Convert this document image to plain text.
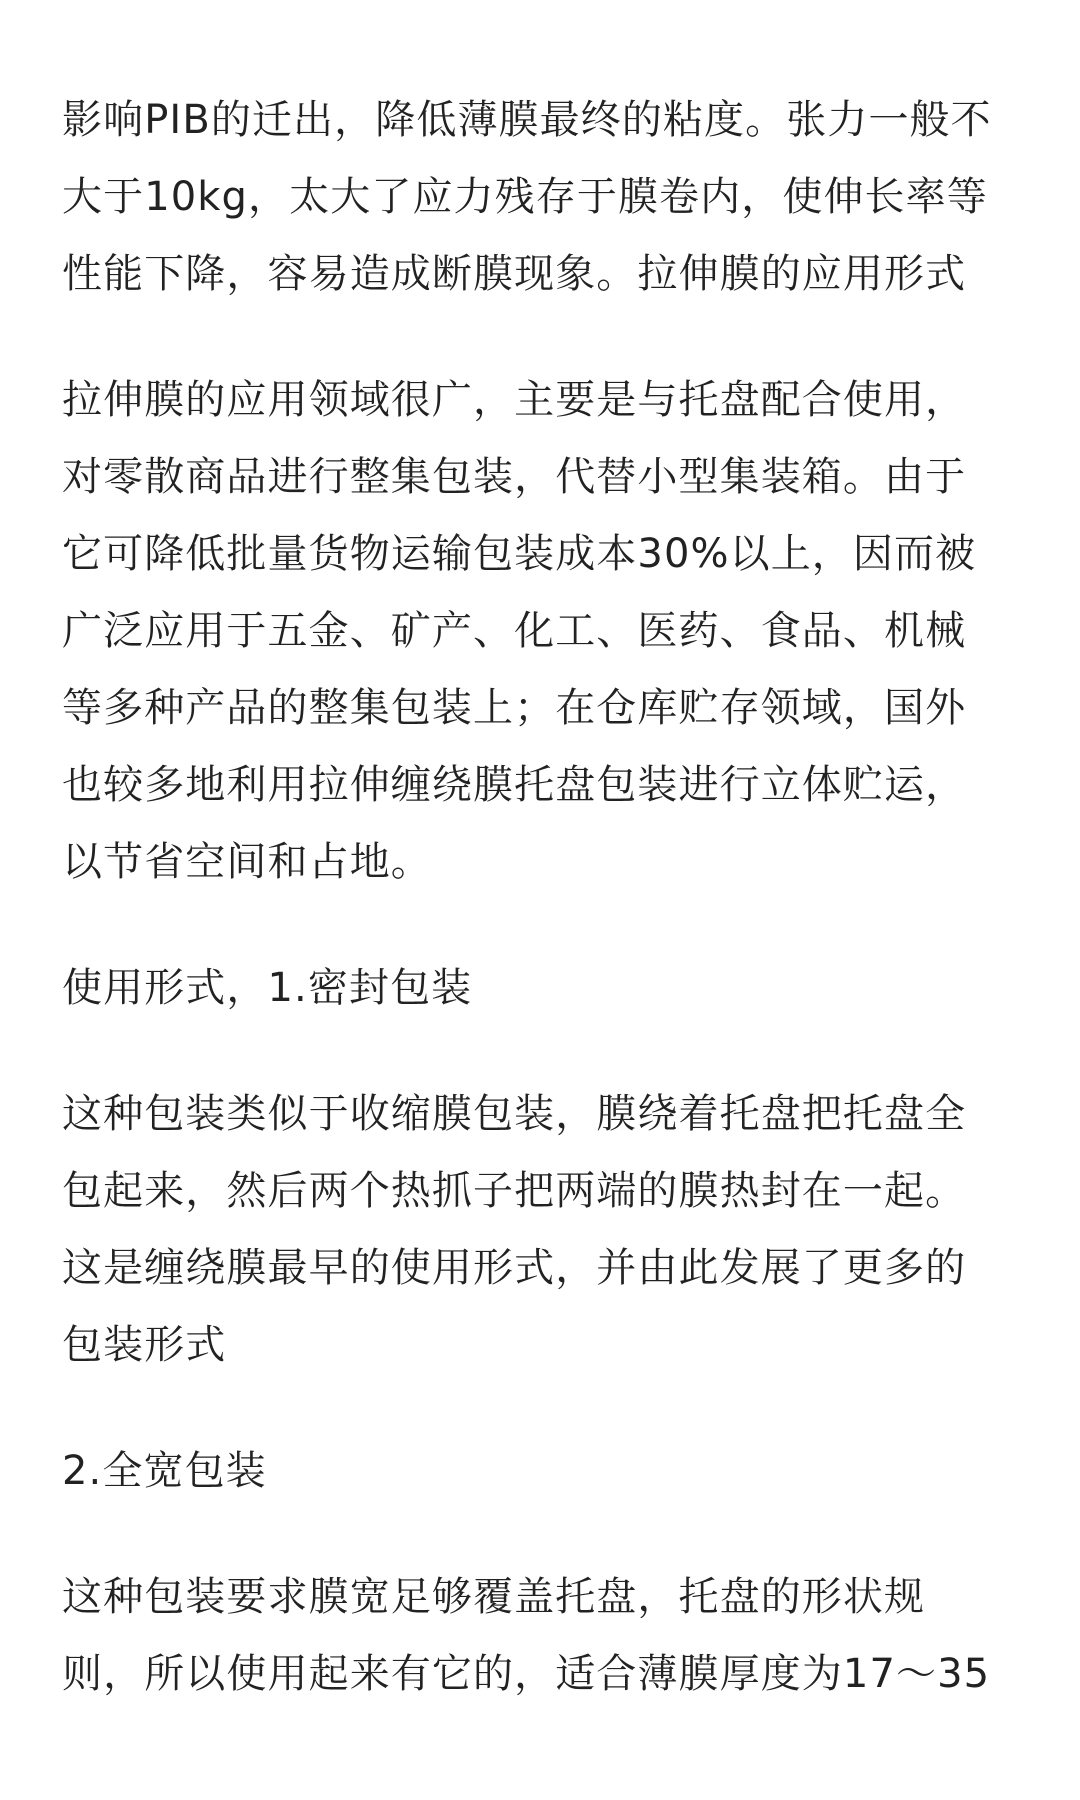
影响PIB的迁出，降低薄膜最终的粘度。张力一般不
大于10kg，太大了应力残存于膜卷内，使伸长率等
性能下降，容易造成断膜现象。拉伸膜的应用形式

拉伸膜的应用领域很广，主要是与托盘配合使用，
对零散商品进行整集包装，代替小型集装箱。由于
它可降低批量货物运输包装成本30%以上，因而被
广泛应用于五金、矿产、化工、医药、食品、机械
等多种产品的整集包装上；在仓库贮存领域，国外
也较多地利用拉伸缠绕膜托盘包装进行立体贮运，
以节省空间和占地。

使用形式，1.密封包装

这种包装类似于收缩膜包装，膜绕着托盘把托盘全
包起来，然后两个热抓子把两端的膜热封在一起。
这是缠绕膜最早的使用形式，并由此发展了更多的
包装形式

2.全宽包装

这种包装要求膜宽足够覆盖托盘，托盘的形状规
则，所以使用起来有它的，适合薄膜厚度为17～35
